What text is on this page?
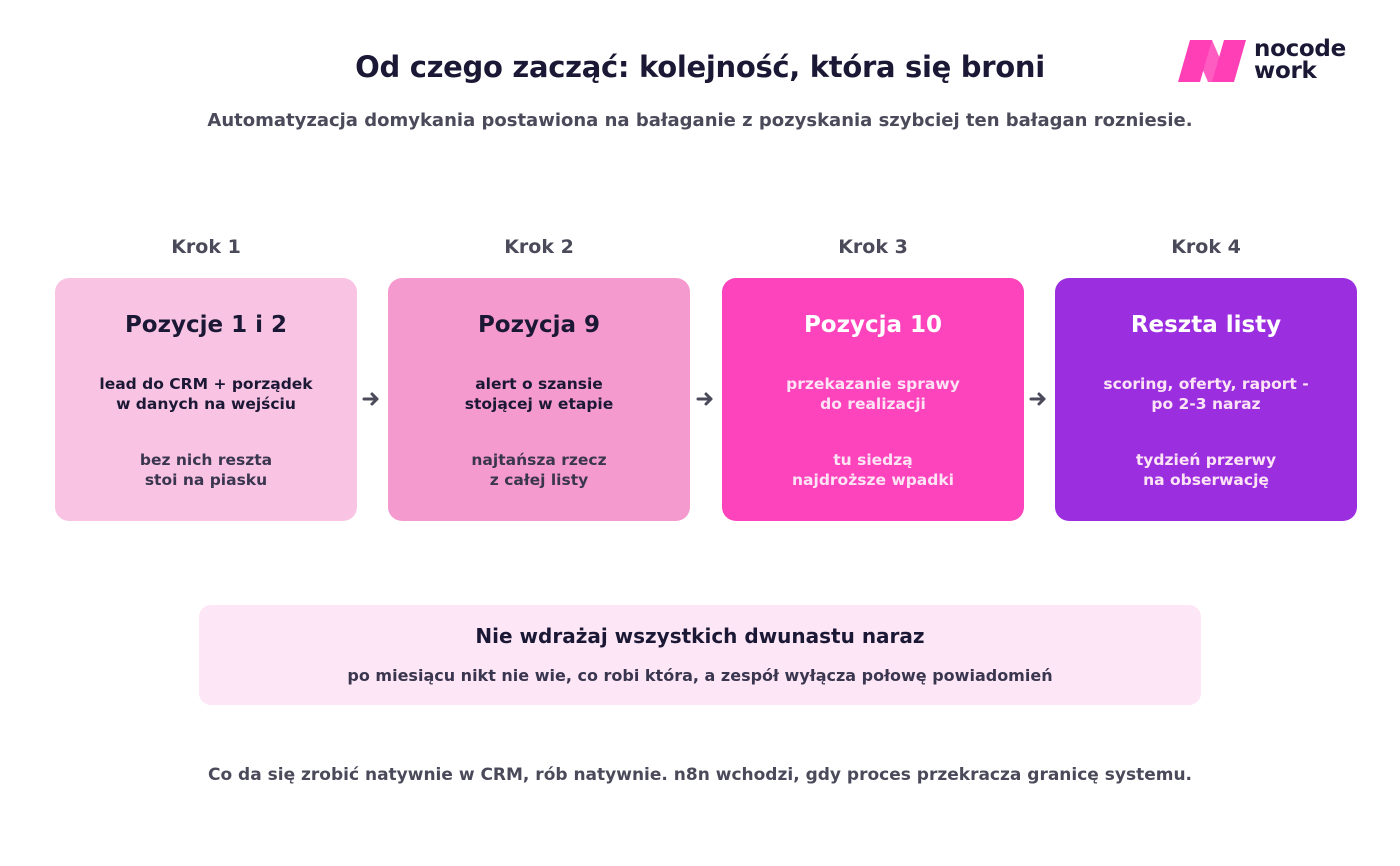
Od czego zacząć: kolejność, która się broni

Automatyzacja domykania postawiona na bałaganie z pozyskania szybciej ten bałagan rozniesie.

nocode
work
Krok 1	Krok 2	Krok 3	Krok 4
Pozycje 1 i 2
lead do CRM + porządek
w danych na wejściu
bez nich reszta
stoi na piasku
Pozycja 9
alert o szansie
stojącej w etapie
najtańsza rzecz
z całej listy
Pozycja 10
przekazanie sprawy
do realizacji
tu siedzą
najdroższe wpadki
Reszta listy
scoring, oferty, raport -
po 2-3 naraz
tydzień przerwy
na obserwację
Nie wdrażaj wszystkich dwunastu naraz
po miesiącu nikt nie wie, co robi która, a zespół wyłącza połowę powiadomień

Co da się zrobić natywnie w CRM, rób natywnie. n8n wchodzi, gdy proces przekracza granicę systemu.
